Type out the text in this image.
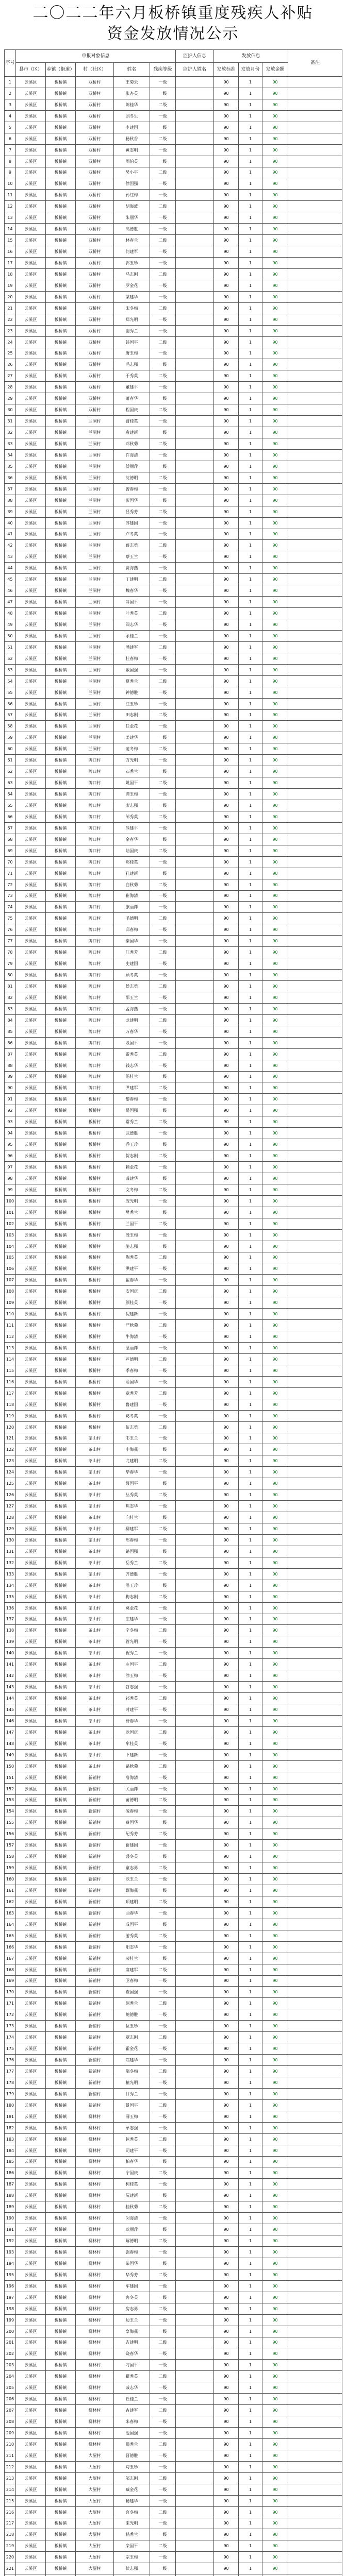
二〇二二年六月板桥镇重度残疾人补贴
资金发放情况公示
序号	申报对象信息					监护人信息	发放信息			备注
	县市（区）	乡镇（街道）	村（社区）	姓名	残疾等级	监护人姓名	发放标准	发放月份	发放金额	
1	云溪区	板桥镇	双桥村	王菊云	一级		90	1	90	
2	云溪区	板桥镇	双桥村	张杏英	一级		90	1	90	
3	云溪区	板桥镇	双桥村	陈桂华	二级		90	1	90	
4	云溪区	板桥镇	双桥村	刘冬生	一级		90	1	90	
5	云溪区	板桥镇	双桥村	李建国	一级		90	1	90	
6	云溪区	板桥镇	双桥村	杨秋香	二级		90	1	90	
7	云溪区	板桥镇	双桥村	黄志明	一级		90	1	90	
8	云溪区	板桥镇	双桥村	周伯英	一级		90	1	90	
9	云溪区	板桥镇	双桥村	吴小平	二级		90	1	90	
10	云溪区	板桥镇	双桥村	徐国强	一级		90	1	90	
11	云溪区	板桥镇	双桥村	孙红梅	一级		90	1	90	
12	云溪区	板桥镇	双桥村	胡海波	二级		90	1	90	
13	云溪区	板桥镇	双桥村	朱丽华	一级		90	1	90	
14	云溪区	板桥镇	双桥村	高德胜	一级		90	1	90	
15	云溪区	板桥镇	双桥村	林春兰	二级		90	1	90	
16	云溪区	板桥镇	双桥村	何建军	一级		90	1	90	
17	云溪区	板桥镇	双桥村	郭玉珍	一级		90	1	90	
18	云溪区	板桥镇	双桥村	马志刚	二级		90	1	90	
19	云溪区	板桥镇	双桥村	罗金花	一级		90	1	90	
20	云溪区	板桥镇	双桥村	梁建华	一级		90	1	90	
21	云溪区	板桥镇	双桥村	宋冬梅	二级		90	1	90	
22	云溪区	板桥镇	双桥村	郑光明	一级		90	1	90	
23	云溪区	板桥镇	双桥村	谢秀兰	一级		90	1	90	
24	云溪区	板桥镇	双桥村	韩国平	二级		90	1	90	
25	云溪区	板桥镇	双桥村	唐玉梅	一级		90	1	90	
26	云溪区	板桥镇	双桥村	冯志强	一级		90	1	90	
27	云溪区	板桥镇	双桥村	于秀英	二级		90	1	90	
28	云溪区	板桥镇	双桥村	董建平	一级		90	1	90	
29	云溪区	板桥镇	双桥村	萧春华	一级		90	1	90	
30	云溪区	板桥镇	双桥村	程国庆	二级		90	1	90	
31	云溪区	板桥镇	兰洞村	曹桂英	一级		90	1	90	
32	云溪区	板桥镇	兰洞村	袁建新	一级		90	1	90	
33	云溪区	板桥镇	兰洞村	邓秋菊	二级		90	1	90	
34	云溪区	板桥镇	兰洞村	许海清	一级		90	1	90	
35	云溪区	板桥镇	兰洞村	傅丽萍	一级		90	1	90	
36	云溪区	板桥镇	兰洞村	沈德明	二级		90	1	90	
37	云溪区	板桥镇	兰洞村	曾春梅	一级		90	1	90	
38	云溪区	板桥镇	兰洞村	彭国华	一级		90	1	90	
39	云溪区	板桥镇	兰洞村	吕秀芳	二级		90	1	90	
40	云溪区	板桥镇	兰洞村	苏建国	一级		90	1	90	
41	云溪区	板桥镇	兰洞村	卢冬英	一级		90	1	90	
42	云溪区	板桥镇	兰洞村	蒋志勇	二级		90	1	90	
43	云溪区	板桥镇	兰洞村	蔡玉兰	一级		90	1	90	
44	云溪区	板桥镇	兰洞村	贾海燕	一级		90	1	90	
45	云溪区	板桥镇	兰洞村	丁建明	二级		90	1	90	
46	云溪区	板桥镇	兰洞村	魏春华	一级		90	1	90	
47	云溪区	板桥镇	兰洞村	薛国平	一级		90	1	90	
48	云溪区	板桥镇	兰洞村	叶秀英	二级		90	1	90	
49	云溪区	板桥镇	兰洞村	阎志华	一级		90	1	90	
50	云溪区	板桥镇	兰洞村	余桂兰	一级		90	1	90	
51	云溪区	板桥镇	兰洞村	潘建军	二级		90	1	90	
52	云溪区	板桥镇	兰洞村	杜春梅	一级		90	1	90	
53	云溪区	板桥镇	兰洞村	戴国强	一级		90	1	90	
54	云溪区	板桥镇	兰洞村	夏秀兰	二级		90	1	90	
55	云溪区	板桥镇	兰洞村	钟德胜	一级		90	1	90	
56	云溪区	板桥镇	兰洞村	汪玉珍	一级		90	1	90	
57	云溪区	板桥镇	兰洞村	田志刚	二级		90	1	90	
58	云溪区	板桥镇	兰洞村	任金花	一级		90	1	90	
59	云溪区	板桥镇	兰洞村	姜建华	一级		90	1	90	
60	云溪区	板桥镇	兰洞村	范冬梅	二级		90	1	90	
61	云溪区	板桥镇	牌口村	方光明	一级		90	1	90	
62	云溪区	板桥镇	牌口村	石秀兰	一级		90	1	90	
63	云溪区	板桥镇	牌口村	姚国平	二级		90	1	90	
64	云溪区	板桥镇	牌口村	谭玉梅	一级		90	1	90	
65	云溪区	板桥镇	牌口村	廖志强	一级		90	1	90	
66	云溪区	板桥镇	牌口村	邹秀英	二级		90	1	90	
67	云溪区	板桥镇	牌口村	熊建平	一级		90	1	90	
68	云溪区	板桥镇	牌口村	金春华	一级		90	1	90	
69	云溪区	板桥镇	牌口村	陆国庆	二级		90	1	90	
70	云溪区	板桥镇	牌口村	郝桂英	一级		90	1	90	
71	云溪区	板桥镇	牌口村	孔建新	一级		90	1	90	
72	云溪区	板桥镇	牌口村	白秋菊	二级		90	1	90	
73	云溪区	板桥镇	牌口村	崔海清	一级		90	1	90	
74	云溪区	板桥镇	牌口村	康丽萍	一级		90	1	90	
75	云溪区	板桥镇	牌口村	毛德明	二级		90	1	90	
76	云溪区	板桥镇	牌口村	邱春梅	一级		90	1	90	
77	云溪区	板桥镇	牌口村	秦国华	一级		90	1	90	
78	云溪区	板桥镇	牌口村	江秀芳	二级		90	1	90	
79	云溪区	板桥镇	牌口村	史建国	一级		90	1	90	
80	云溪区	板桥镇	牌口村	顾冬英	一级		90	1	90	
81	云溪区	板桥镇	牌口村	侯志勇	二级		90	1	90	
82	云溪区	板桥镇	牌口村	邵玉兰	一级		90	1	90	
83	云溪区	板桥镇	牌口村	孟海燕	一级		90	1	90	
84	云溪区	板桥镇	牌口村	龙建明	二级		90	1	90	
85	云溪区	板桥镇	牌口村	万春华	一级		90	1	90	
86	云溪区	板桥镇	牌口村	段国平	一级		90	1	90	
87	云溪区	板桥镇	牌口村	雷秀英	二级		90	1	90	
88	云溪区	板桥镇	牌口村	钱志华	一级		90	1	90	
89	云溪区	板桥镇	牌口村	汤桂兰	一级		90	1	90	
90	云溪区	板桥镇	牌口村	尹建军	二级		90	1	90	
91	云溪区	板桥镇	板桥村	黎春梅	一级		90	1	90	
92	云溪区	板桥镇	板桥村	易国强	一级		90	1	90	
93	云溪区	板桥镇	板桥村	常秀兰	二级		90	1	90	
94	云溪区	板桥镇	板桥村	武德胜	一级		90	1	90	
95	云溪区	板桥镇	板桥村	乔玉珍	一级		90	1	90	
96	云溪区	板桥镇	板桥村	贺志刚	二级		90	1	90	
97	云溪区	板桥镇	板桥村	赖金花	一级		90	1	90	
98	云溪区	板桥镇	板桥村	龚建华	一级		90	1	90	
99	云溪区	板桥镇	板桥村	文冬梅	二级		90	1	90	
100	云溪区	板桥镇	板桥村	庞光明	一级		90	1	90	
101	云溪区	板桥镇	板桥村	樊秀兰	一级		90	1	90	
102	云溪区	板桥镇	板桥村	兰国平	二级		90	1	90	
103	云溪区	板桥镇	板桥村	殷玉梅	一级		90	1	90	
104	云溪区	板桥镇	板桥村	施志强	一级		90	1	90	
105	云溪区	板桥镇	板桥村	陶秀英	二级		90	1	90	
106	云溪区	板桥镇	板桥村	洪建平	一级		90	1	90	
107	云溪区	板桥镇	板桥村	翟春华	一级		90	1	90	
108	云溪区	板桥镇	板桥村	安国庆	二级		90	1	90	
109	云溪区	板桥镇	板桥村	颜桂英	一级		90	1	90	
110	云溪区	板桥镇	板桥村	倪建新	一级		90	1	90	
111	云溪区	板桥镇	板桥村	严秋菊	二级		90	1	90	
112	云溪区	板桥镇	板桥村	牛海清	一级		90	1	90	
113	云溪区	板桥镇	板桥村	温丽萍	一级		90	1	90	
114	云溪区	板桥镇	板桥村	芦德明	二级		90	1	90	
115	云溪区	板桥镇	板桥村	季春梅	一级		90	1	90	
116	云溪区	板桥镇	板桥村	俞国华	一级		90	1	90	
117	云溪区	板桥镇	板桥村	章秀芳	二级		90	1	90	
118	云溪区	板桥镇	板桥村	鲁建国	一级		90	1	90	
119	云溪区	板桥镇	板桥村	葛冬英	一级		90	1	90	
120	云溪区	板桥镇	板桥村	伍志勇	二级		90	1	90	
121	云溪区	板桥镇	茶山村	韦玉兰	一级		90	1	90	
122	云溪区	板桥镇	茶山村	申海燕	一级		90	1	90	
123	云溪区	板桥镇	茶山村	尤建明	二级		90	1	90	
124	云溪区	板桥镇	茶山村	毕春华	一级		90	1	90	
125	云溪区	板桥镇	茶山村	聂国平	一级		90	1	90	
126	云溪区	板桥镇	茶山村	丛秀英	二级		90	1	90	
127	云溪区	板桥镇	茶山村	焦志华	一级		90	1	90	
128	云溪区	板桥镇	茶山村	向桂兰	一级		90	1	90	
129	云溪区	板桥镇	茶山村	柳建军	二级		90	1	90	
130	云溪区	板桥镇	茶山村	邢春梅	一级		90	1	90	
131	云溪区	板桥镇	茶山村	路国强	一级		90	1	90	
132	云溪区	板桥镇	茶山村	岳秀兰	二级		90	1	90	
133	云溪区	板桥镇	茶山村	齐德胜	一级		90	1	90	
134	云溪区	板桥镇	茶山村	沿玉珍	一级		90	1	90	
135	云溪区	板桥镇	茶山村	梅志刚	二级		90	1	90	
136	云溪区	板桥镇	茶山村	莫金花	一级		90	1	90	
137	云溪区	板桥镇	茶山村	庄建华	一级		90	1	90	
138	云溪区	板桥镇	茶山村	辛冬梅	二级		90	1	90	
139	云溪区	板桥镇	茶山村	管光明	一级		90	1	90	
140	云溪区	板桥镇	茶山村	祝秀兰	一级		90	1	90	
141	云溪区	板桥镇	茶山村	左国平	二级		90	1	90	
142	云溪区	板桥镇	茶山村	涂玉梅	一级		90	1	90	
143	云溪区	板桥镇	茶山村	谷志强	一级		90	1	90	
144	云溪区	板桥镇	茶山村	祁秀英	二级		90	1	90	
145	云溪区	板桥镇	茶山村	时建平	一级		90	1	90	
146	云溪区	板桥镇	茶山村	舒春华	一级		90	1	90	
147	云溪区	板桥镇	茶山村	耿国庆	二级		90	1	90	
148	云溪区	板桥镇	茶山村	牟桂英	一级		90	1	90	
149	云溪区	板桥镇	茶山村	卜建新	一级		90	1	90	
150	云溪区	板桥镇	茶山村	路秋菊	二级		90	1	90	
151	云溪区	板桥镇	新铺村	詹海清	一级		90	1	90	
152	云溪区	板桥镇	新铺村	关丽萍	一级		90	1	90	
153	云溪区	板桥镇	新铺村	苗德明	二级		90	1	90	
154	云溪区	板桥镇	新铺村	凌春梅	一级		90	1	90	
155	云溪区	板桥镇	新铺村	费国华	一级		90	1	90	
156	云溪区	板桥镇	新铺村	纪秀芳	二级		90	1	90	
157	云溪区	板桥镇	新铺村	靳建国	一级		90	1	90	
158	云溪区	板桥镇	新铺村	盛冬英	一级		90	1	90	
159	云溪区	板桥镇	新铺村	童志勇	二级		90	1	90	
160	云溪区	板桥镇	新铺村	欧玉兰	一级		90	1	90	
161	云溪区	板桥镇	新铺村	甄海燕	一级		90	1	90	
162	云溪区	板桥镇	新铺村	项建明	二级		90	1	90	
163	云溪区	板桥镇	新铺村	曲春华	一级		90	1	90	
164	云溪区	板桥镇	新铺村	成国平	一级		90	1	90	
165	云溪区	板桥镇	新铺村	游秀英	二级		90	1	90	
166	云溪区	板桥镇	新铺村	阳志华	一级		90	1	90	
167	云溪区	板桥镇	新铺村	裴桂兰	一级		90	1	90	
168	云溪区	板桥镇	新铺村	席建军	二级		90	1	90	
169	云溪区	板桥镇	新铺村	卫春梅	一级		90	1	90	
170	云溪区	板桥镇	新铺村	查国强	一级		90	1	90	
171	云溪区	板桥镇	新铺村	屈秀兰	二级		90	1	90	
172	云溪区	板桥镇	新铺村	鲍德胜	一级		90	1	90	
173	云溪区	板桥镇	新铺村	位玉珍	一级		90	1	90	
174	云溪区	板桥镇	新铺村	覃志刚	二级		90	1	90	
175	云溪区	板桥镇	新铺村	霍金花	一级		90	1	90	
176	云溪区	板桥镇	新铺村	翁建华	一级		90	1	90	
177	云溪区	板桥镇	新铺村	隋冬梅	二级		90	1	90	
178	云溪区	板桥镇	新铺村	植光明	一级		90	1	90	
179	云溪区	板桥镇	新铺村	甘秀兰	一级		90	1	90	
180	云溪区	板桥镇	新铺村	景国平	二级		90	1	90	
181	云溪区	板桥镇	柳林村	薄玉梅	一级		90	1	90	
182	云溪区	板桥镇	柳林村	单志强	一级		90	1	90	
183	云溪区	板桥镇	柳林村	包秀英	二级		90	1	90	
184	云溪区	板桥镇	柳林村	司建平	一级		90	1	90	
185	云溪区	板桥镇	柳林村	柏春华	一级		90	1	90	
186	云溪区	板桥镇	柳林村	宁国庆	二级		90	1	90	
187	云溪区	板桥镇	柳林村	柯桂英	一级		90	1	90	
188	云溪区	板桥镇	柳林村	阮建新	一级		90	1	90	
189	云溪区	板桥镇	柳林村	桂秋菊	二级		90	1	90	
190	云溪区	板桥镇	柳林村	闵海清	一级		90	1	90	
191	云溪区	板桥镇	柳林村	欧丽萍	一级		90	1	90	
192	云溪区	板桥镇	柳林村	解德明	二级		90	1	90	
193	云溪区	板桥镇	柳林村	强春梅	一级		90	1	90	
194	云溪区	板桥镇	柳林村	柴国华	一级		90	1	90	
195	云溪区	板桥镇	柳林村	华秀芳	二级		90	1	90	
196	云溪区	板桥镇	柳林村	车建国	一级		90	1	90	
197	云溪区	板桥镇	柳林村	冉冬英	一级		90	1	90	
198	云溪区	板桥镇	柳林村	房志勇	二级		90	1	90	
199	云溪区	板桥镇	柳林村	边玉兰	一级		90	1	90	
200	云溪区	板桥镇	柳林村	辜海燕	一级		90	1	90	
201	云溪区	板桥镇	柳林村	吉建明	二级		90	1	90	
202	云溪区	板桥镇	柳林村	饶春华	一级		90	1	90	
203	云溪区	板桥镇	柳林村	刁国平	一级		90	1	90	
204	云溪区	板桥镇	柳林村	瞿秀英	二级		90	1	90	
205	云溪区	板桥镇	柳林村	戚志华	一级		90	1	90	
206	云溪区	板桥镇	柳林村	丘桂兰	一级		90	1	90	
207	云溪区	板桥镇	柳林村	古建军	二级		90	1	90	
208	云溪区	板桥镇	柳林村	米春梅	一级		90	1	90	
209	云溪区	板桥镇	柳林村	池国强	一级		90	1	90	
210	云溪区	板桥镇	柳林村	滕秀兰	二级		90	1	90	
211	云溪区	板桥镇	大屋村	晋德胜	一级		90	1	90	
212	云溪区	板桥镇	大屋村	苟玉珍	一级		90	1	90	
213	云溪区	板桥镇	大屋村	邬志刚	二级		90	1	90	
214	云溪区	板桥镇	大屋村	臧金花	一级		90	1	90	
215	云溪区	板桥镇	大屋村	畅建华	一级		90	1	90	
216	云溪区	板桥镇	大屋村	宫冬梅	二级		90	1	90	
217	云溪区	板桥镇	大屋村	来光明	一级		90	1	90	
218	云溪区	板桥镇	大屋村	嵇秀兰	一级		90	1	90	
219	云溪区	板桥镇	大屋村	栾国平	二级		90	1	90	
220	云溪区	板桥镇	大屋村	宗玉梅	一级		90	1	90	
221	云溪区	板桥镇	大屋村	伏志强	一级		90	1	90	
